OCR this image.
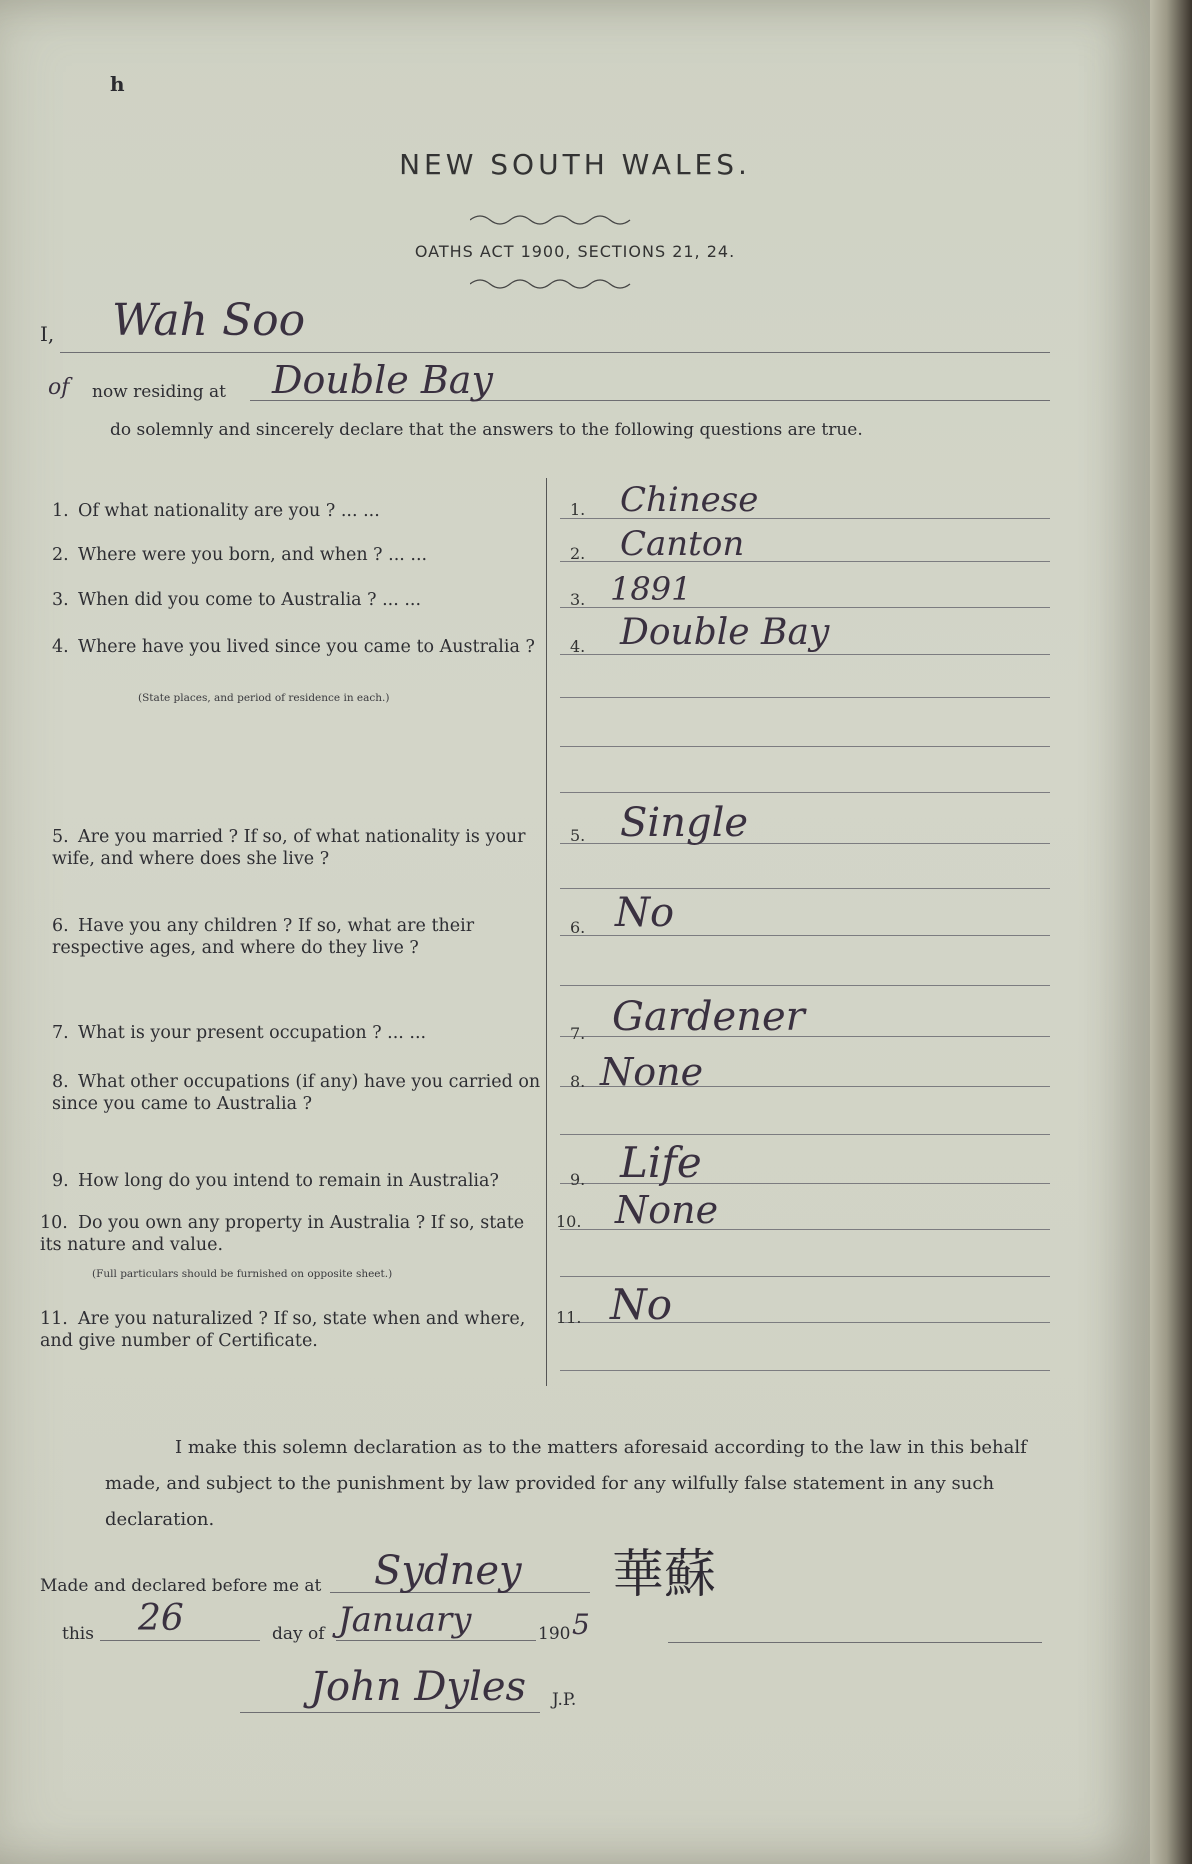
h
NEW SOUTH WALES.
OATHS ACT 1900, SECTIONS 21, 24.
I, Wah Soo
of now residing at Double Bay
do solemnly and sincerely declare that the answers to the following questions are true.
1. Of what nationality are you ? ... ...
2. Where were you born, and when ? ... ...
3. When did you come to Australia ? ... ...
4. Where have you lived since you came to Australia ?
(State places, and period of residence in each.)
5. Are you married ? If so, of what nationality is your wife, and where does she live ?
6. Have you any children ? If so, what are their respective ages, and where do they live ?
7. What is your present occupation ? ... ...
8. What other occupations (if any) have you carried on since you came to Australia ?
9. How long do you intend to remain in Australia?
10. Do you own any property in Australia ? If so, state its nature and value.
(Full particulars should be furnished on opposite sheet.)
11. Are you naturalized ? If so, state when and where, and give number of Certificate.
1.
2.
3.
4.
5.
6.
7.
8.
9.
10.
11.
Chinese
Canton
1891
Double Bay
Single
No
Gardener
None
Life
None
No
I make this solemn declaration as to the matters aforesaid according to the law in this behalf made, and subject to the punishment by law provided for any wilfully false statement in any such declaration.
Made and declared before me at Sydney 華蘇
this 26	day of January	190 5
John Dyles J.P.
